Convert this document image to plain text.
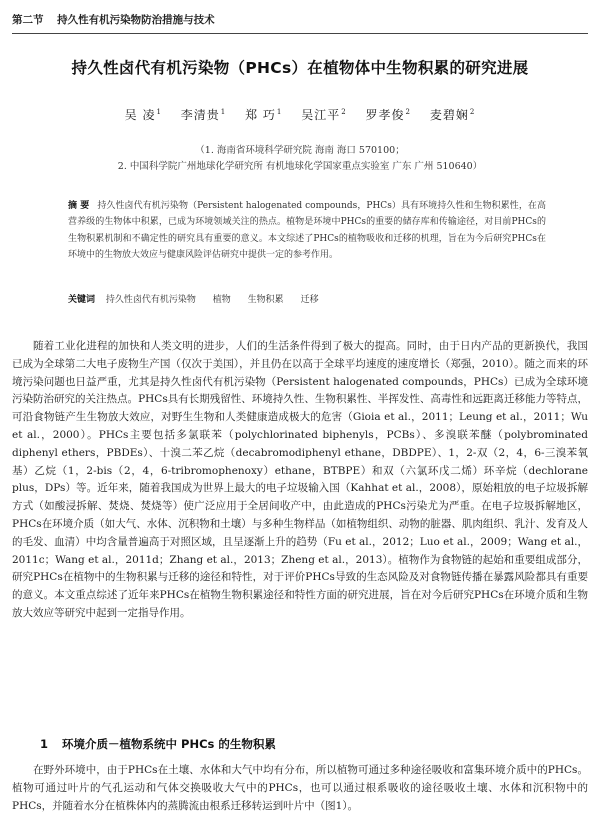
第二节 持久性有机污染物防治措施与技术
持久性卤代有机污染物（PHCs）在植物体中生物积累的研究进展
吴 凌$^1$ 李清贵$^1$ 郑 巧$^1$ 吴江平$^2$ 罗孝俊$^2$ 麦碧娴$^2$
（1. 海南省环境科学研究院 海南 海口 570100；
2. 中国科学院广州地球化学研究所 有机地球化学国家重点实验室 广东 广州 510640）
摘 要 持久性卤代有机污染物（Persistent halogenated compounds，PHCs）具有环境持久性和生物积累性，在高营养级的生物体中积累，已成为环境领域关注的热点。植物是环境中PHCs的重要的储存库和传输途径，对目前PHCs的生物积累机制和不确定性的研究具有重要的意义。本文综述了PHCs的植物吸收和迁移的机理，旨在为今后研究PHCs在环境中的生物放大效应与健康风险评估研究中提供一定的参考作用。
关键词 持久性卤代有机污染物 植物 生物积累 迁移

随着工业化进程的加快和人类文明的进步，人们的生活条件得到了极大的提高。同时，由于日内产品的更新换代，我国已成为全球第二大电子废物生产国（仅次于美国），并且仍在以高于全球平均速度的速度增长（郑强，2010）。随之而来的环境污染问题也日益严重，尤其是持久性卤代有机污染物（Persistent halogenated compounds，PHCs）已成为全球环境污染防治研究的关注热点。PHCs具有长期残留性、环境持久性、生物积累性、半挥发性、高毒性和远距离迁移能力等特点，可沿食物链产生生物放大效应，对野生生物和人类健康造成极大的危害（Gioia et al.，2011；Leung et al.，2011；Wu et al.，2000）。PHCs主要包括多氯联苯（polychlorinated biphenyls，PCBs）、多溴联苯醚（polybrominated diphenyl ethers，PBDEs）、十溴二苯乙烷（decabromodiphenyl ethane，DBDPE）、1，2-双（2，4，6-三溴苯氧基）乙烷（1，2-bis（2，4，6-tribromophenoxy）ethane，BTBPE）和双（六氯环戊二烯）环辛烷（dechlorane plus，DPs）等。近年来，随着我国成为世界上最大的电子垃圾输入国（Kahhat et al.，2008），原始粗放的电子垃圾拆解方式（如酸浸拆解、焚烧、焚烧等）使广泛应用于全居间收产中，由此造成的PHCs污染尤为严重。在电子垃圾拆解地区，PHCs在环境介质（如大气、水体、沉积物和土壤）与多种生物样品（如植物组织、动物的脏器、肌肉组织、乳汁、发育及人的毛发、血清）中均含量普遍高于对照区域，且呈逐渐上升的趋势（Fu et al.，2012；Luo et al.，2009；Wang et al.，2011c；Wang et al.，2011d；Zhang et al.，2013；Zheng et al.，2013）。植物作为食物链的起始和重要组成部分，研究PHCs在植物中的生物积累与迁移的途径和特性，对于评价PHCs导致的生态风险及对食物链传播在暴露风险都具有重要的意义。本文重点综述了近年来PHCs在植物生物积累途径和特性方面的研究进展，旨在对今后研究PHCs在环境介质和生物放大效应等研究中起到一定指导作用。

1 环境介质－植物系统中 PHCs 的生物积累

在野外环境中，由于PHCs在土壤、水体和大气中均有分布，所以植物可通过多种途径吸收和富集环境介质中的PHCs。植物可通过叶片的气孔运动和气体交换吸收大气中的PHCs，也可以通过根系吸收的途径吸收土壤、水体和沉积物中的PHCs，并随着水分在植株体内的蒸腾流由根系迁移转运到叶片中（图1）。
